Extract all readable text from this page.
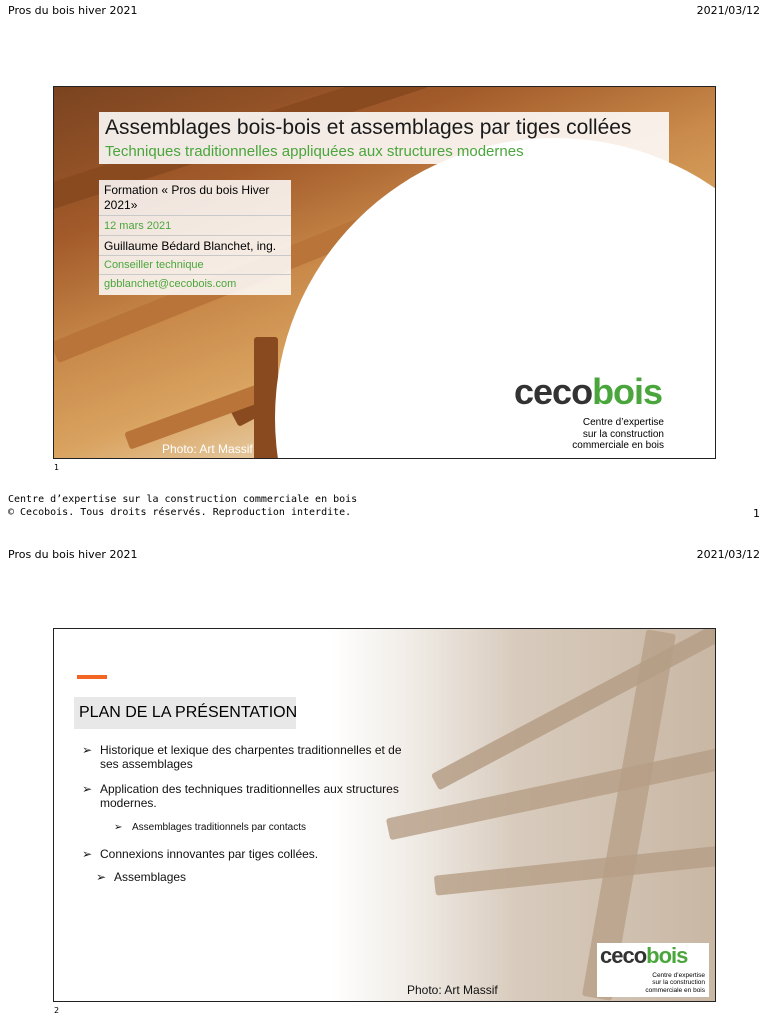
Pros du bois hiver 2021	2021/03/12
Assemblages bois-bois et assemblages par tiges collées
Techniques traditionnelles appliquées aux structures modernes
Formation « Pros du bois Hiver
2021»
12 mars 2021
Guillaume Bédard Blanchet, ing.
Conseiller technique
gbblanchet@cecobois.com
Photo: Art Massif
cecobois
Centre d’expertise
sur la construction
commerciale en bois
1
Centre d’expertise sur la construction commerciale en bois
© Cecobois. Tous droits réservés. Reproduction interdite.	1
Pros du bois hiver 2021	2021/03/12
PLAN DE LA PRÉSENTATION
➢ Historique et lexique des charpentes traditionnelles et de
ses assemblages
➢ Application des techniques traditionnelles aux structures
modernes.
➢ Assemblages traditionnels par contacts
➢ Connexions innovantes par tiges collées.
➢ Assemblages
Photo: Art Massif
cecobois
Centre d’expertise
sur la construction
commerciale en bois
2
